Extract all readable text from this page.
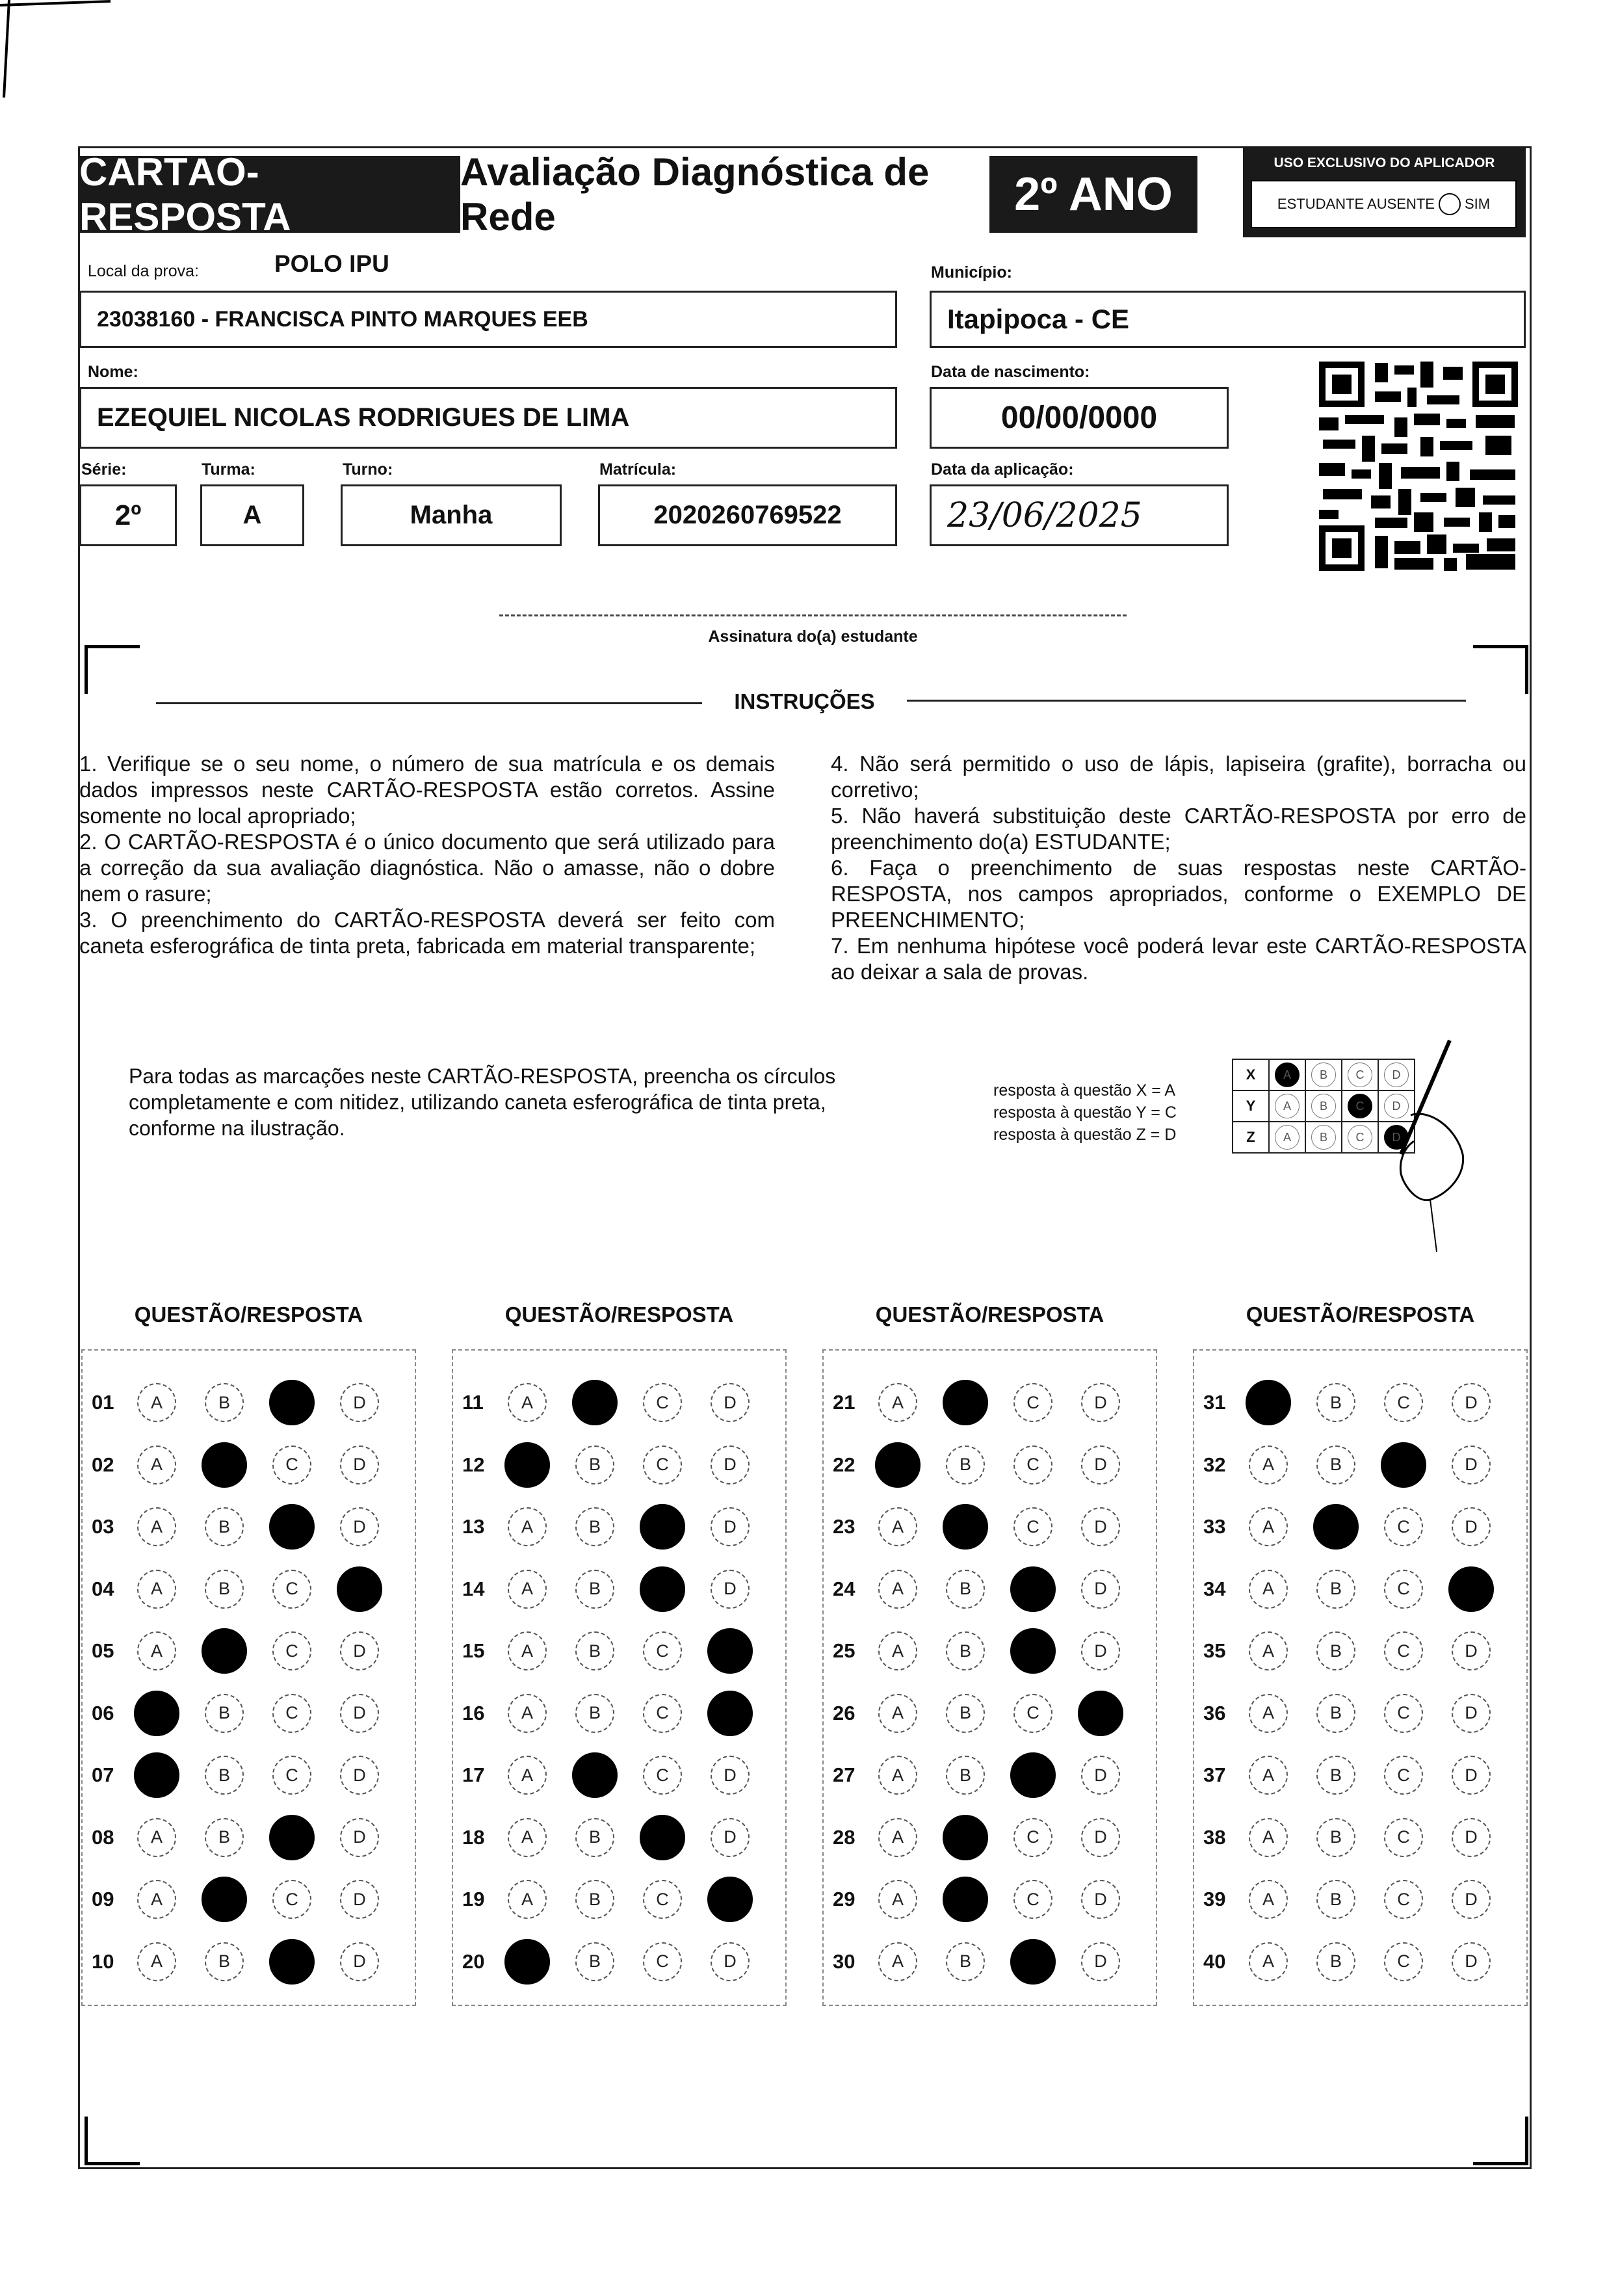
CARTÃO-RESPOSTA
Avaliação Diagnóstica de Rede	2º ANO
USO EXCLUSIVO DO APLICADOR
ESTUDANTE AUSENTE SIM
Local da prova:	POLO IPU
23038160 - FRANCISCA PINTO MARQUES EEB
Município:
Itapipoca - CE
Nome:
EZEQUIEL NICOLAS RODRIGUES DE LIMA
Data de nascimento:
00/00/0000
Série:
2º
Turma:
A
Turno:
Manha
Matrícula:
2020260769522
Data da aplicação:
23/06/2025
Assinatura do(a) estudante
INSTRUÇÕES

1. Verifique se o seu nome, o número de sua matrícula e os demais dados impressos neste CARTÃO-RESPOSTA estão corretos. Assine somente no local apropriado;

2. O CARTÃO-RESPOSTA é o único documento que será utilizado para a correção da sua avaliação diagnóstica. Não o amasse, não o dobre nem o rasure;

3. O preenchimento do CARTÃO-RESPOSTA deverá ser feito com caneta esferográfica de tinta preta, fabricada em material transparente;

4. Não será permitido o uso de lápis, lapiseira (grafite), borracha ou corretivo;

5. Não haverá substituição deste CARTÃO-RESPOSTA por erro de preenchimento do(a) ESTUDANTE;

6. Faça o preenchimento de suas respostas neste CARTÃO-RESPOSTA, nos campos apropriados, conforme o EXEMPLO DE PREENCHIMENTO;

7. Em nenhuma hipótese você poderá levar este CARTÃO-RESPOSTA ao deixar a sala de provas.

Para todas as marcações neste CARTÃO-RESPOSTA, preencha os círculos completamente e com nitidez, utilizando caneta esferográfica de tinta preta, conforme na ilustração.
resposta à questão X = A
resposta à questão Y = C
resposta à questão Z = D
X	A	B	C	D
Y	A	B	C	D
Z	A	B	C	D
QUESTÃO/RESPOSTA
01	A	B	C	D
02	A	B	C	D
03	A	B	C	D
04	A	B	C	D
05	A	B	C	D
06	A	B	C	D
07	A	B	C	D
08	A	B	C	D
09	A	B	C	D
10	A	B	C	D
QUESTÃO/RESPOSTA
11	A	B	C	D
12	A	B	C	D
13	A	B	C	D
14	A	B	C	D
15	A	B	C	D
16	A	B	C	D
17	A	B	C	D
18	A	B	C	D
19	A	B	C	D
20	A	B	C	D
QUESTÃO/RESPOSTA
21	A	B	C	D
22	A	B	C	D
23	A	B	C	D
24	A	B	C	D
25	A	B	C	D
26	A	B	C	D
27	A	B	C	D
28	A	B	C	D
29	A	B	C	D
30	A	B	C	D
QUESTÃO/RESPOSTA
31	A	B	C	D
32	A	B	C	D
33	A	B	C	D
34	A	B	C	D
35	A	B	C	D
36	A	B	C	D
37	A	B	C	D
38	A	B	C	D
39	A	B	C	D
40	A	B	C	D
